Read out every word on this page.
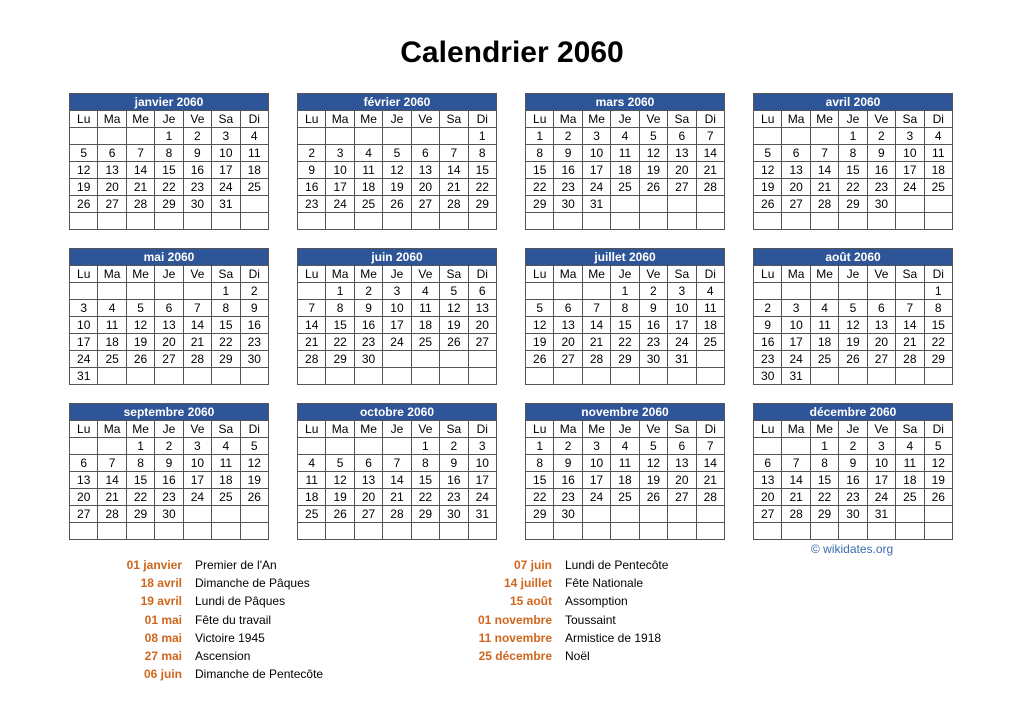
Calendrier 2060
janvier 2060						
Lu	Ma	Me	Je	Ve	Sa	Di
			1	2	3	4
5	6	7	8	9	10	11
12	13	14	15	16	17	18
19	20	21	22	23	24	25
26	27	28	29	30	31	

février 2060						
Lu	Ma	Me	Je	Ve	Sa	Di
						1
2	3	4	5	6	7	8
9	10	11	12	13	14	15
16	17	18	19	20	21	22
23	24	25	26	27	28	29

mars 2060						
Lu	Ma	Me	Je	Ve	Sa	Di
1	2	3	4	5	6	7
8	9	10	11	12	13	14
15	16	17	18	19	20	21
22	23	24	25	26	27	28
29	30	31				

avril 2060						
Lu	Ma	Me	Je	Ve	Sa	Di
			1	2	3	4
5	6	7	8	9	10	11
12	13	14	15	16	17	18
19	20	21	22	23	24	25
26	27	28	29	30		

mai 2060						
Lu	Ma	Me	Je	Ve	Sa	Di
					1	2
3	4	5	6	7	8	9
10	11	12	13	14	15	16
17	18	19	20	21	22	23
24	25	26	27	28	29	30
31						
juin 2060						
Lu	Ma	Me	Je	Ve	Sa	Di
	1	2	3	4	5	6
7	8	9	10	11	12	13
14	15	16	17	18	19	20
21	22	23	24	25	26	27
28	29	30				

juillet 2060						
Lu	Ma	Me	Je	Ve	Sa	Di
			1	2	3	4
5	6	7	8	9	10	11
12	13	14	15	16	17	18
19	20	21	22	23	24	25
26	27	28	29	30	31	

août 2060						
Lu	Ma	Me	Je	Ve	Sa	Di
						1
2	3	4	5	6	7	8
9	10	11	12	13	14	15
16	17	18	19	20	21	22
23	24	25	26	27	28	29
30	31					
septembre 2060						
Lu	Ma	Me	Je	Ve	Sa	Di
		1	2	3	4	5
6	7	8	9	10	11	12
13	14	15	16	17	18	19
20	21	22	23	24	25	26
27	28	29	30			

octobre 2060						
Lu	Ma	Me	Je	Ve	Sa	Di
				1	2	3
4	5	6	7	8	9	10
11	12	13	14	15	16	17
18	19	20	21	22	23	24
25	26	27	28	29	30	31

novembre 2060						
Lu	Ma	Me	Je	Ve	Sa	Di
1	2	3	4	5	6	7
8	9	10	11	12	13	14
15	16	17	18	19	20	21
22	23	24	25	26	27	28
29	30					

décembre 2060						
Lu	Ma	Me	Je	Ve	Sa	Di
		1	2	3	4	5
6	7	8	9	10	11	12
13	14	15	16	17	18	19
20	21	22	23	24	25	26
27	28	29	30	31		

© wikidates.org
01 janvier Premier de l'An
18 avril Dimanche de Pâques
19 avril Lundi de Pâques
01 mai Fête du travail
08 mai Victoire 1945
27 mai Ascension
06 juin Dimanche de Pentecôte
07 juin Lundi de Pentecôte
14 juillet Fête Nationale
15 août Assomption
01 novembre Toussaint
11 novembre Armistice de 1918
25 décembre Noël
